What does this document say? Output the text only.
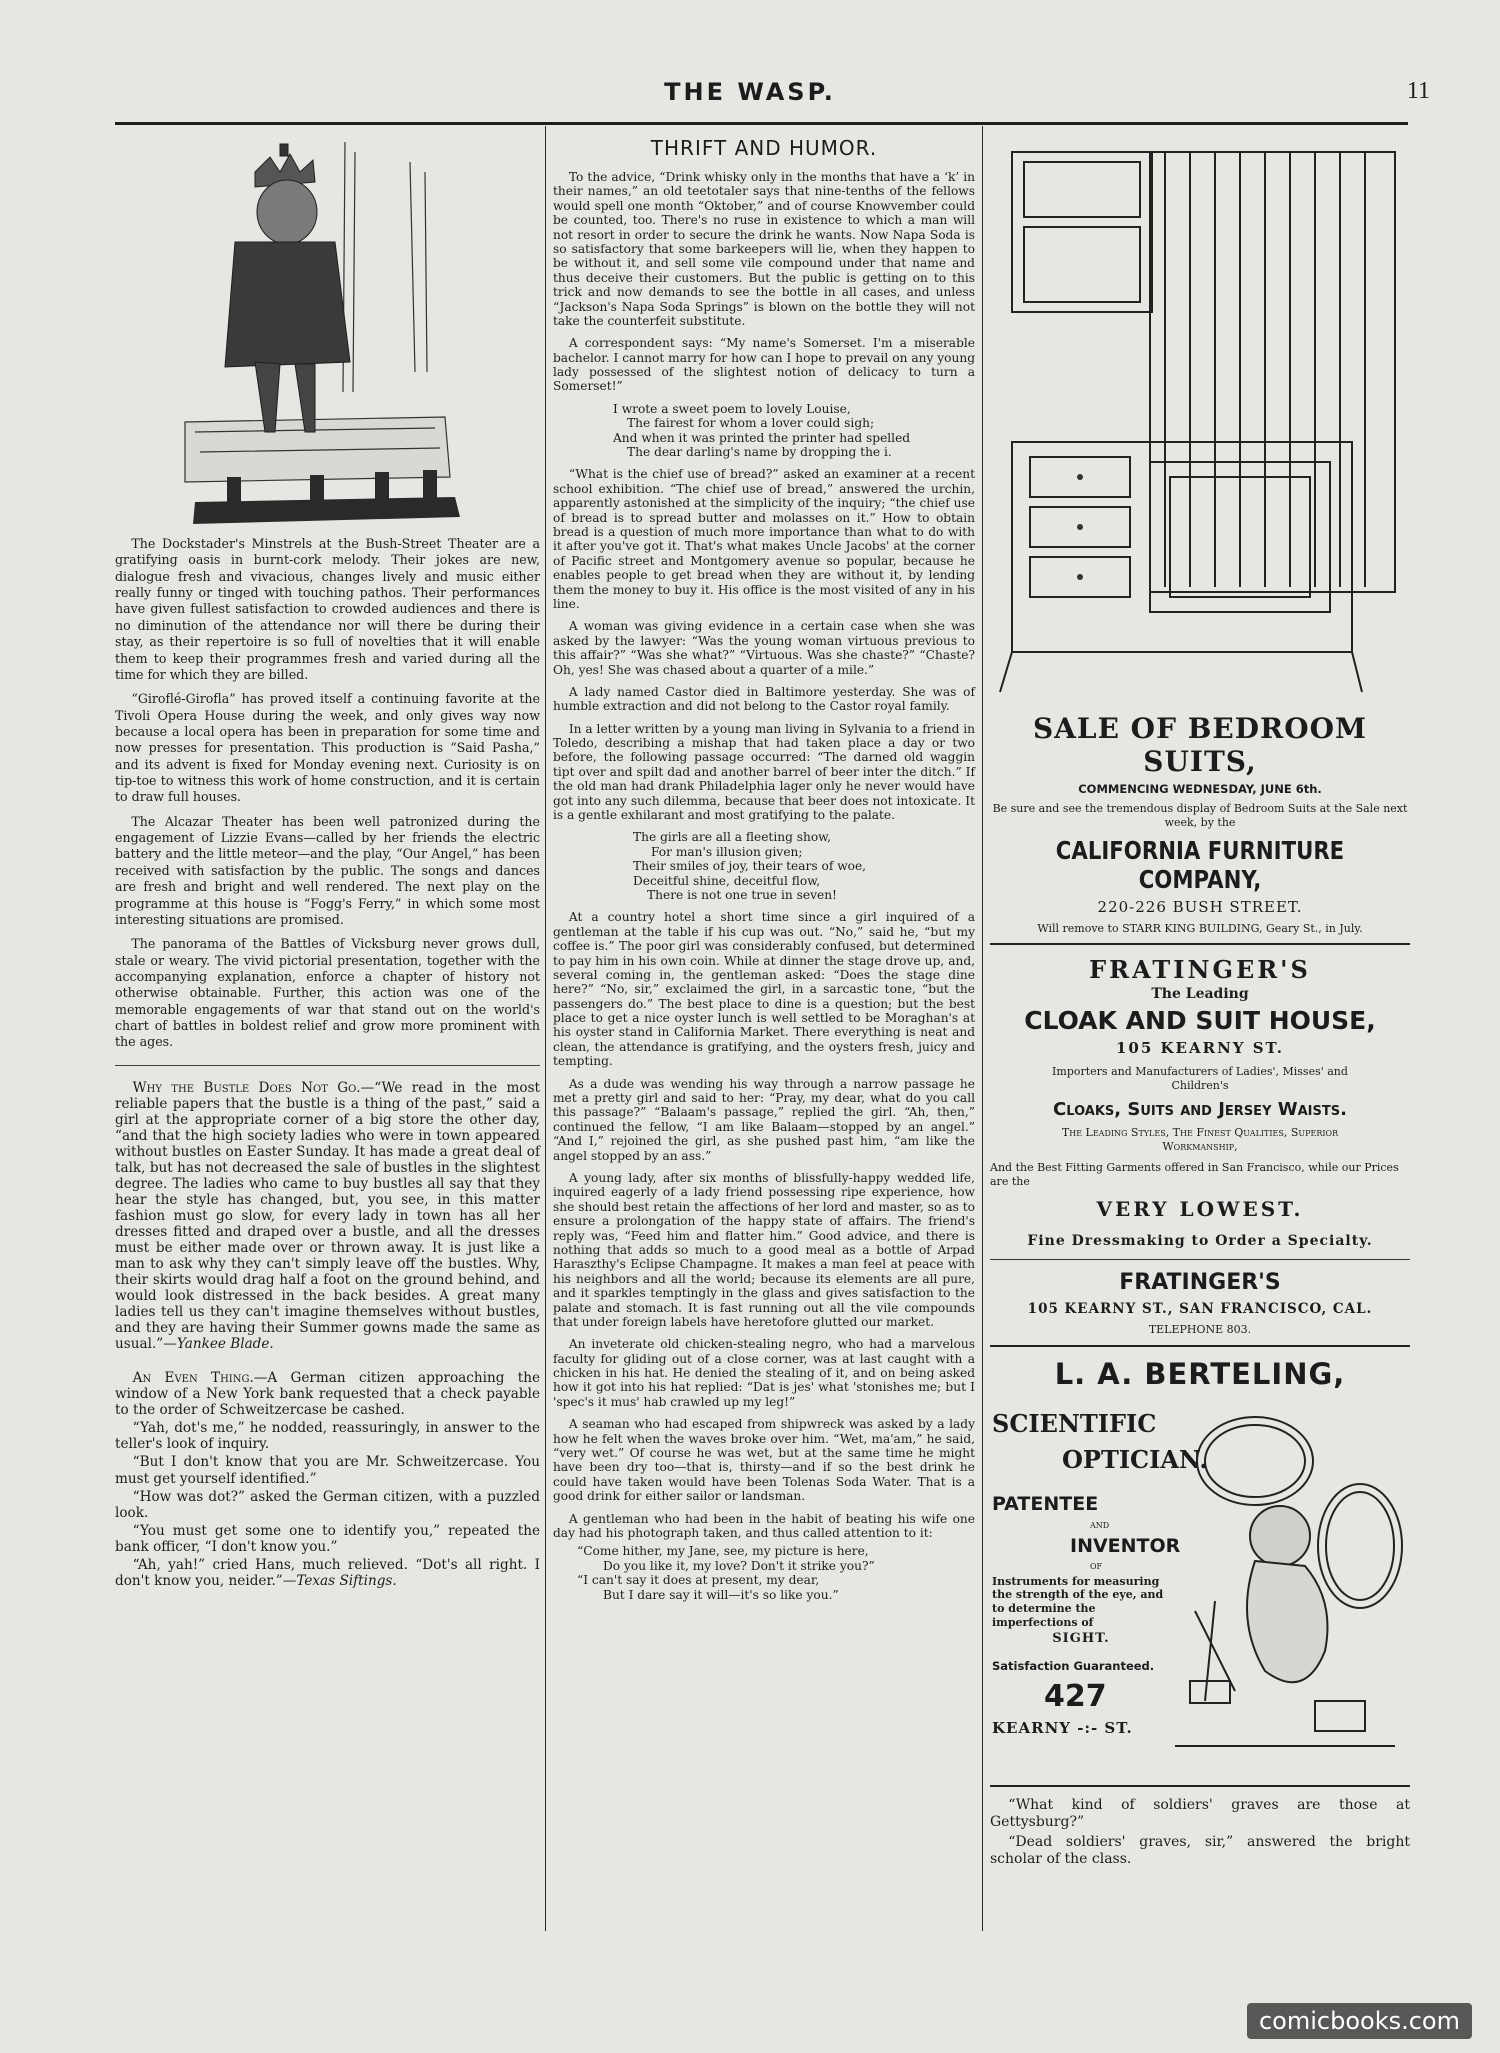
THE WASP.	11

The Dockstader's Minstrels at the Bush-Street Theater are a gratifying oasis in burnt-cork melody. Their jokes are new, dialogue fresh and vivacious, changes lively and music either really funny or tinged with touching pathos. Their performances have given fullest satisfaction to crowded audiences and there is no diminution of the attendance nor will there be during their stay, as their repertoire is so full of novelties that it will enable them to keep their programmes fresh and varied during all the time for which they are billed.

“Giroflé-Girofla” has proved itself a continuing favorite at the Tivoli Opera House during the week, and only gives way now because a local opera has been in preparation for some time and now presses for presentation. This production is “Said Pasha,” and its advent is fixed for Monday evening next. Curiosity is on tip-toe to witness this work of home construction, and it is certain to draw full houses.

The Alcazar Theater has been well patronized during the engagement of Lizzie Evans—called by her friends the electric battery and the little meteor—and the play, “Our Angel,” has been received with satisfaction by the public. The songs and dances are fresh and bright and well rendered. The next play on the programme at this house is “Fogg's Ferry,” in which some most interesting situations are promised.

The panorama of the Battles of Vicksburg never grows dull, stale or weary. The vivid pictorial presentation, together with the accompanying explanation, enforce a chapter of history not otherwise obtainable. Further, this action was one of the memorable engagements of war that stand out on the world's chart of battles in boldest relief and grow more prominent with the ages.

Why the Bustle Does Not Go.—“We read in the most reliable papers that the bustle is a thing of the past,” said a girl at the appropriate corner of a big store the other day, “and that the high society ladies who were in town appeared without bustles on Easter Sunday. It has made a great deal of talk, but has not decreased the sale of bustles in the slightest degree. The ladies who came to buy bustles all say that they hear the style has changed, but, you see, in this matter fashion must go slow, for every lady in town has all her dresses fitted and draped over a bustle, and all the dresses must be either made over or thrown away. It is just like a man to ask why they can't simply leave off the bustles. Why, their skirts would drag half a foot on the ground behind, and would look distressed in the back besides. A great many ladies tell us they can't imagine themselves without bustles, and they are having their Summer gowns made the same as usual.”—Yankee Blade.

An Even Thing.—A German citizen approaching the window of a New York bank requested that a check payable to the order of Schweitzercase be cashed.

“Yah, dot's me,” he nodded, reassuringly, in answer to the teller's look of inquiry.

“But I don't know that you are Mr. Schweitzercase. You must get yourself identified.”

“How was dot?” asked the German citizen, with a puzzled look.

“You must get some one to identify you,” repeated the bank officer, “I don't know you.”

“Ah, yah!” cried Hans, much relieved. “Dot's all right. I don't know you, neider.”—Texas Siftings.

THRIFT AND HUMOR.

To the advice, “Drink whisky only in the months that have a ‘k’ in their names,” an old teetotaler says that nine-tenths of the fellows would spell one month “Oktober,” and of course Knowvember could be counted, too. There's no ruse in existence to which a man will not resort in order to secure the drink he wants. Now Napa Soda is so satisfactory that some barkeepers will lie, when they happen to be without it, and sell some vile compound under that name and thus deceive their customers. But the public is getting on to this trick and now demands to see the bottle in all cases, and unless “Jackson's Napa Soda Springs” is blown on the bottle they will not take the counterfeit substitute.

A correspondent says: “My name's Somerset. I'm a miserable bachelor. I cannot marry for how can I hope to prevail on any young lady possessed of the slightest notion of delicacy to turn a Somerset!”

I wrote a sweet poem to lovely Louise,
The fairest for whom a lover could sigh;
And when it was printed the printer had spelled
The dear darling's name by dropping the i.

“What is the chief use of bread?” asked an examiner at a recent school exhibition. “The chief use of bread,” answered the urchin, apparently astonished at the simplicity of the inquiry; “the chief use of bread is to spread butter and molasses on it.” How to obtain bread is a question of much more importance than what to do with it after you've got it. That's what makes Uncle Jacobs' at the corner of Pacific street and Montgomery avenue so popular, because he enables people to get bread when they are without it, by lending them the money to buy it. His office is the most visited of any in his line.

A woman was giving evidence in a certain case when she was asked by the lawyer: “Was the young woman virtuous previous to this affair?” “Was she what?” “Virtuous. Was she chaste?” “Chaste? Oh, yes! She was chased about a quarter of a mile.”

A lady named Castor died in Baltimore yesterday. She was of humble extraction and did not belong to the Castor royal family.

In a letter written by a young man living in Sylvania to a friend in Toledo, describing a mishap that had taken place a day or two before, the following passage occurred: “The darned old waggin tipt over and spilt dad and another barrel of beer inter the ditch.” If the old man had drank Philadelphia lager only he never would have got into any such dilemma, because that beer does not intoxicate. It is a gentle exhilarant and most gratifying to the palate.

The girls are all a fleeting show,
For man's illusion given;
Their smiles of joy, their tears of woe,
Deceitful shine, deceitful flow,
There is not one true in seven!

At a country hotel a short time since a girl inquired of a gentleman at the table if his cup was out. “No,” said he, “but my coffee is.” The poor girl was considerably confused, but determined to pay him in his own coin. While at dinner the stage drove up, and, several coming in, the gentleman asked: “Does the stage dine here?” “No, sir,” exclaimed the girl, in a sarcastic tone, “but the passengers do.” The best place to dine is a question; but the best place to get a nice oyster lunch is well settled to be Moraghan's at his oyster stand in California Market. There everything is neat and clean, the attendance is gratifying, and the oysters fresh, juicy and tempting.

As a dude was wending his way through a narrow passage he met a pretty girl and said to her: “Pray, my dear, what do you call this passage?” “Balaam's passage,” replied the girl. “Ah, then,” continued the fellow, “I am like Balaam—stopped by an angel.” “And I,” rejoined the girl, as she pushed past him, “am like the angel stopped by an ass.”

A young lady, after six months of blissfully-happy wedded life, inquired eagerly of a lady friend possessing ripe experience, how she should best retain the affections of her lord and master, so as to ensure a prolongation of the happy state of affairs. The friend's reply was, “Feed him and flatter him.” Good advice, and there is nothing that adds so much to a good meal as a bottle of Arpad Haraszthy's Eclipse Champagne. It makes a man feel at peace with his neighbors and all the world; because its elements are all pure, and it sparkles temptingly in the glass and gives satisfaction to the palate and stomach. It is fast running out all the vile compounds that under foreign labels have heretofore glutted our market.

An inveterate old chicken-stealing negro, who had a marvelous faculty for gliding out of a close corner, was at last caught with a chicken in his hat. He denied the stealing of it, and on being asked how it got into his hat replied: “Dat is jes' what 'stonishes me; but I 'spec's it mus' hab crawled up my leg!”

A seaman who had escaped from shipwreck was asked by a lady how he felt when the waves broke over him. “Wet, ma'am,” he said, “very wet.” Of course he was wet, but at the same time he might have been dry too—that is, thirsty—and if so the best drink he could have taken would have been Tolenas Soda Water. That is a good drink for either sailor or landsman.

A gentleman who had been in the habit of beating his wife one day had his photograph taken, and thus called attention to it:

“Come hither, my Jane, see, my picture is here,
Do you like it, my love? Don't it strike you?”
“I can't say it does at present, my dear,
But I dare say it will—it's so like you.”
SALE OF BEDROOM SUITS,
COMMENCING WEDNESDAY, JUNE 6th.
Be sure and see the tremendous display of Bedroom Suits at the Sale next week, by the
CALIFORNIA FURNITURE COMPANY,
220-226 BUSH STREET.
Will remove to STARR KING BUILDING, Geary St., in July.
FRATINGER'S
The Leading
CLOAK AND SUIT HOUSE,
105 KEARNY ST.
Importers and Manufacturers of Ladies', Misses' and Children's
Cloaks, Suits and Jersey Waists.
The Leading Styles, The Finest Qualities, Superior Workmanship,
And the Best Fitting Garments offered in San Francisco, while our Prices are the
VERY LOWEST.
Fine Dressmaking to Order a Specialty.
FRATINGER'S
105 KEARNY ST., SAN FRANCISCO, CAL.
TELEPHONE 803.
L. A. BERTELING,
SCIENTIFIC
OPTICIAN.
PATENTEE
AND
INVENTOR
OF
Instruments for measuring the strength of the eye, and to determine the imperfections of
SIGHT.
Satisfaction Guaranteed.
427
KEARNY -:- ST.

“What kind of soldiers' graves are those at Gettysburg?”

“Dead soldiers' graves, sir,” answered the bright scholar of the class.

comicbooks.com
